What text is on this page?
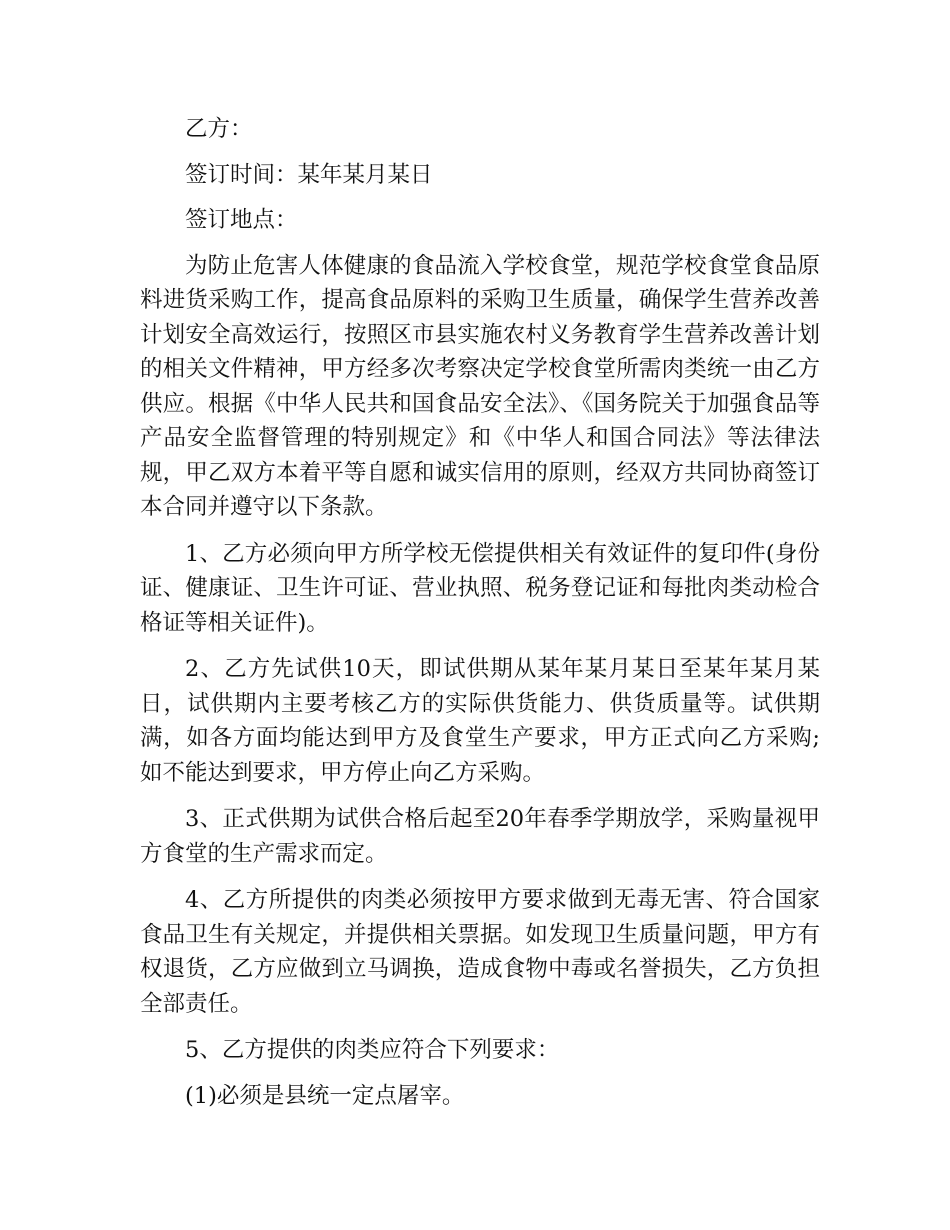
乙方：

签订时间：某年某月某日

签订地点：

为防止危害人体健康的食品流入学校食堂，规范学校食堂食品原料进货采购工作，提高食品原料的采购卫生质量，确保学生营养改善计划安全高效运行，按照区市县实施农村义务教育学生营养改善计划的相关文件精神，甲方经多次考察决定学校食堂所需肉类统一由乙方供应。根据《中华人民共和国食品安全法》、《国务院关于加强食品等产品安全监督管理的特别规定》和《中华人和国合同法》等法律法规，甲乙双方本着平等自愿和诚实信用的原则，经双方共同协商签订本合同并遵守以下条款。

1、乙方必须向甲方所学校无偿提供相关有效证件的复印件(身份证、健康证、卫生许可证、营业执照、税务登记证和每批肉类动检合格证等相关证件)。

2、乙方先试供10天，即试供期从某年某月某日至某年某月某日，试供期内主要考核乙方的实际供货能力、供货质量等。试供期满，如各方面均能达到甲方及食堂生产要求，甲方正式向乙方采购;如不能达到要求，甲方停止向乙方采购。

3、正式供期为试供合格后起至20年春季学期放学，采购量视甲方食堂的生产需求而定。

4、乙方所提供的肉类必须按甲方要求做到无毒无害、符合国家食品卫生有关规定，并提供相关票据。如发现卫生质量问题，甲方有权退货，乙方应做到立马调换，造成食物中毒或名誉损失，乙方负担全部责任。

5、乙方提供的肉类应符合下列要求：

(1)必须是县统一定点屠宰。
